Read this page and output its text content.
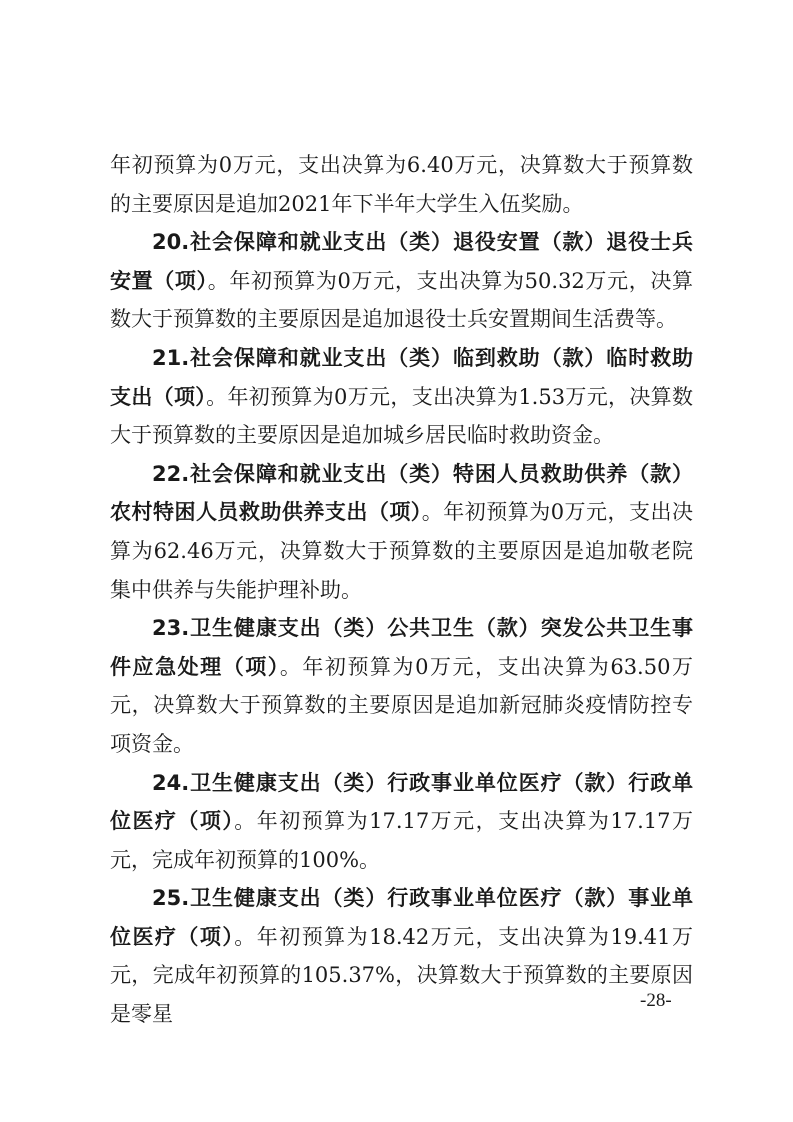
年初预算为0万元，支出决算为6.40万元，决算数大于预算数的主要原因是追加2021年下半年大学生入伍奖励。

20.社会保障和就业支出（类）退役安置（款）退役士兵安置（项）。年初预算为0万元，支出决算为50.32万元，决算数大于预算数的主要原因是追加退役士兵安置期间生活费等。

21.社会保障和就业支出（类）临到救助（款）临时救助支出（项）。年初预算为0万元，支出决算为1.53万元，决算数大于预算数的主要原因是追加城乡居民临时救助资金。

22.社会保障和就业支出（类）特困人员救助供养（款）农村特困人员救助供养支出（项）。年初预算为0万元，支出决算为62.46万元，决算数大于预算数的主要原因是追加敬老院集中供养与失能护理补助。

23.卫生健康支出（类）公共卫生（款）突发公共卫生事件应急处理（项）。年初预算为0万元，支出决算为63.50万元，决算数大于预算数的主要原因是追加新冠肺炎疫情防控专项资金。

24.卫生健康支出（类）行政事业单位医疗（款）行政单位医疗（项）。年初预算为17.17万元，支出决算为17.17万元，完成年初预算的100%。

25.卫生健康支出（类）行政事业单位医疗（款）事业单位医疗（项）。年初预算为18.42万元，支出决算为19.41万元，完成年初预算的105.37%，决算数大于预算数的主要原因是零星

-28-
